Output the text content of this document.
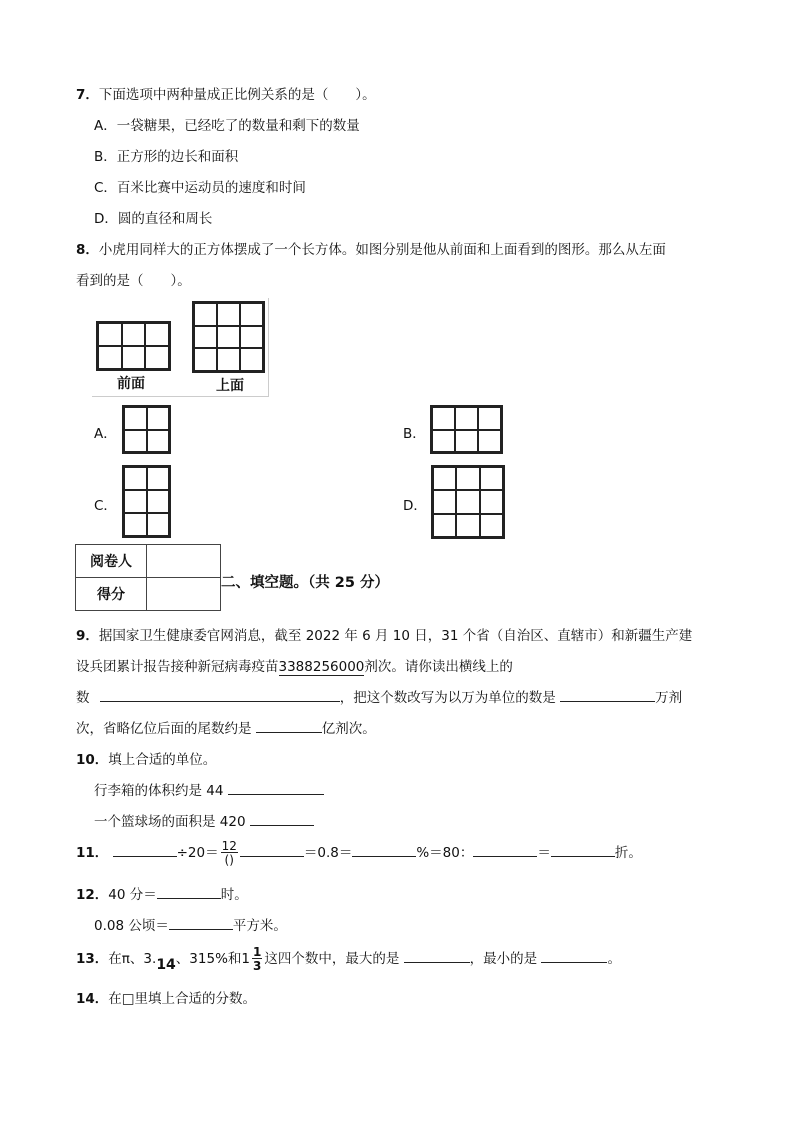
7．下面选项中两种量成正比例关系的是（　　）。
A．一袋糖果，已经吃了的数量和剩下的数量
B．正方形的边长和面积
C．百米比赛中运动员的速度和时间
D．圆的直径和周长
8．小虎用同样大的正方体摆成了一个长方体。如图分别是他从前面和上面看到的图形。那么从左面
看到的是（　　）。
前面	上面
A．	B．
C．	D．
阅卷人	
得分	
二、填空题。（共 25 分）
9．据国家卫生健康委官网消息，截至 2022 年 6 月 10 日，31 个省（自治区、直辖市）和新疆生产建
设兵团累计报告接种新冠病毒疫苗3388256000剂次。请你读出横线上的
数	，把这个数改写为以万为单位的数是	万剂
次，省略亿位后面的尾数约是	亿剂次。
10．填上合适的单位。
行李箱的体积约是 44
一个篮球场的面积是 420
11．	$\div 20= \frac{12}{()}$	＝0.8＝	%＝80：	＝	折。
12．40 分＝	时。
0.08 公顷＝	平方米。
13．在π、3.14、315%和$1 \frac{1}{3}$ 这四个数中，最大的是	，最小的是	。
14．在□里填上合适的分数。
